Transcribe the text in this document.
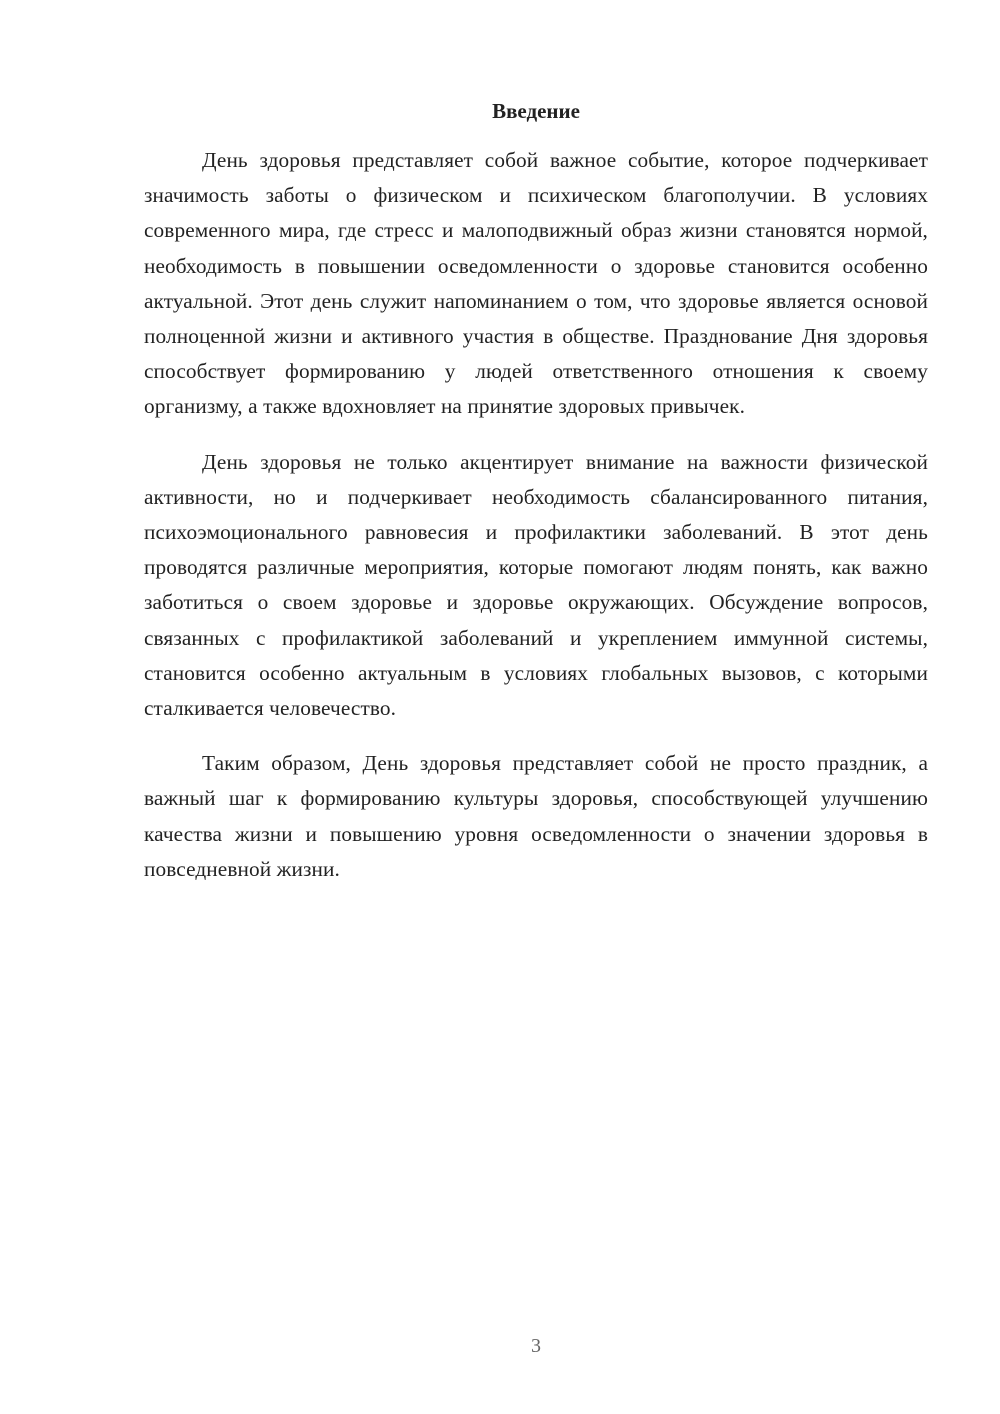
Введение

День здоровья представляет собой важное событие, которое подчеркивает значимость заботы о физическом и психическом благополучии. В условиях современного мира, где стресс и малоподвижный образ жизни становятся нормой, необходимость в повышении осведомленности о здоровье становится особенно актуальной. Этот день служит напоминанием о том, что здоровье является основой полноценной жизни и активного участия в обществе. Празднование Дня здоровья способствует формированию у людей ответственного отношения к своему организму, а также вдохновляет на принятие здоровых привычек.

День здоровья не только акцентирует внимание на важности физической активности, но и подчеркивает необходимость сбалансированного питания, психоэмоционального равновесия и профилактики заболеваний. В этот день проводятся различные мероприятия, которые помогают людям понять, как важно заботиться о своем здоровье и здоровье окружающих. Обсуждение вопросов, связанных с профилактикой заболеваний и укреплением иммунной системы, становится особенно актуальным в условиях глобальных вызовов, с которыми сталкивается человечество.

Таким образом, День здоровья представляет собой не просто праздник, а важный шаг к формированию культуры здоровья, способствующей улучшению качества жизни и повышению уровня осведомленности о значении здоровья в повседневной жизни.

3
